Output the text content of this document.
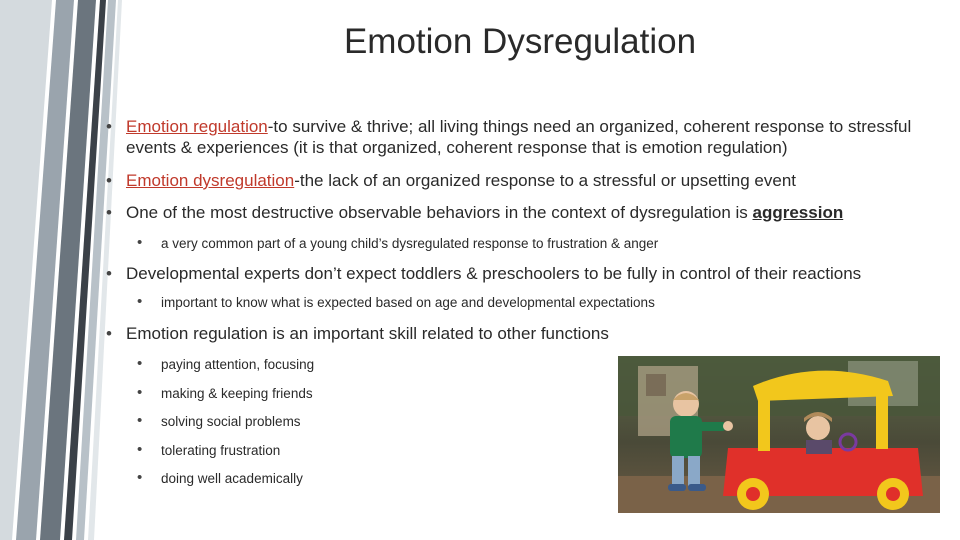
Emotion Dysregulation
• Emotion regulation-to survive & thrive; all living things need an organized, coherent response to stressful events & experiences (it is that organized, coherent response that is emotion regulation)
• Emotion dysregulation-the lack of an organized response to a stressful or upsetting event
• One of the most destructive observable behaviors in the context of dysregulation is aggression
• a very common part of a young child’s dysregulated response to frustration & anger
• Developmental experts don’t expect toddlers & preschoolers to be fully in control of their reactions
• important to know what is expected based on age and developmental expectations
• Emotion regulation is an important skill related to other functions
• paying attention, focusing
• making & keeping friends
• solving social problems
• tolerating frustration
• doing well academically
